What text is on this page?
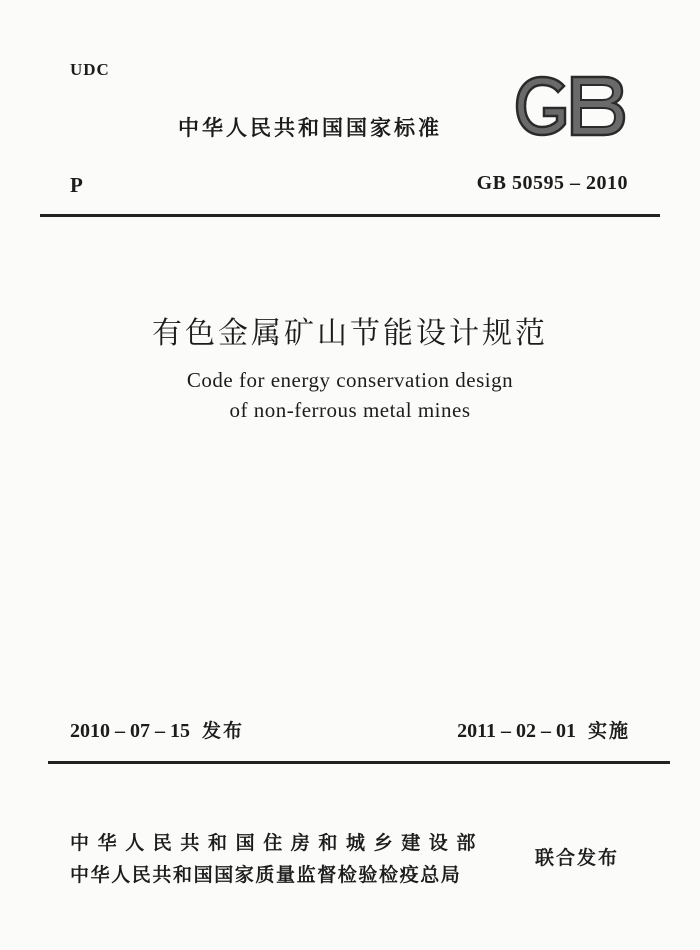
UDC
中华人民共和国国家标准
P	GB 50595 – 2010
有色金属矿山节能设计规范
Code for energy conservation design
of non-ferrous metal mines
2010 – 07 – 15 发布	2011 – 02 – 01 实施
中华人民共和国住房和城乡建设部
中华人民共和国国家质量监督检验检疫总局
联合发布
